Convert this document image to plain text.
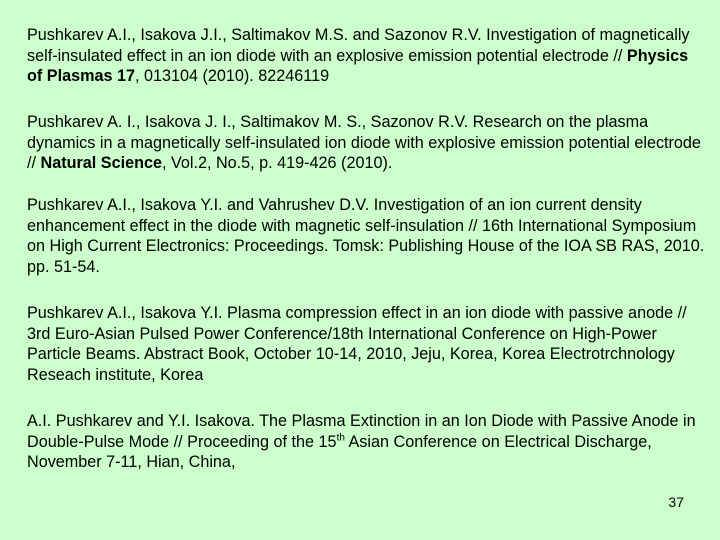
Pushkarev A.I., Isakova J.I., Saltimakov M.S. and Sazonov R.V. Investigation of magnetically self-insulated effect in an ion diode with an explosive emission potential electrode // Physics of Plasmas 17, 013104 (2010). 82246119

Pushkarev A. I., Isakova J. I., Saltimakov M. S., Sazonov R.V. Research on the plasma dynamics in a magnetically self-insulated ion diode with explosive emission potential electrode // Natural Science, Vol.2, No.5, p. 419-426 (2010).

Pushkarev A.I., Isakova Y.I. and Vahrushev D.V. Investigation of an ion current density enhancement effect in the diode with magnetic self-insulation // 16th International Symposium on High Current Electronics: Proceedings. Tomsk: Publishing House of the IOA SB RAS, 2010. pp. 51-54.

Pushkarev A.I., Isakova Y.I. Plasma compression effect in an ion diode with passive anode // 3rd Euro-Asian Pulsed Power Conference/18th International Conference on High-Power Particle Beams. Abstract Book, October 10-14, 2010, Jeju, Korea, Korea Electrotrchnology Reseach institute, Korea

A.I. Pushkarev and Y.I. Isakova. The Plasma Extinction in an Ion Diode with Passive Anode in Double-Pulse Mode // Proceeding of the 15th Asian Conference on Electrical Discharge, November 7-11, Hian, China,

37
